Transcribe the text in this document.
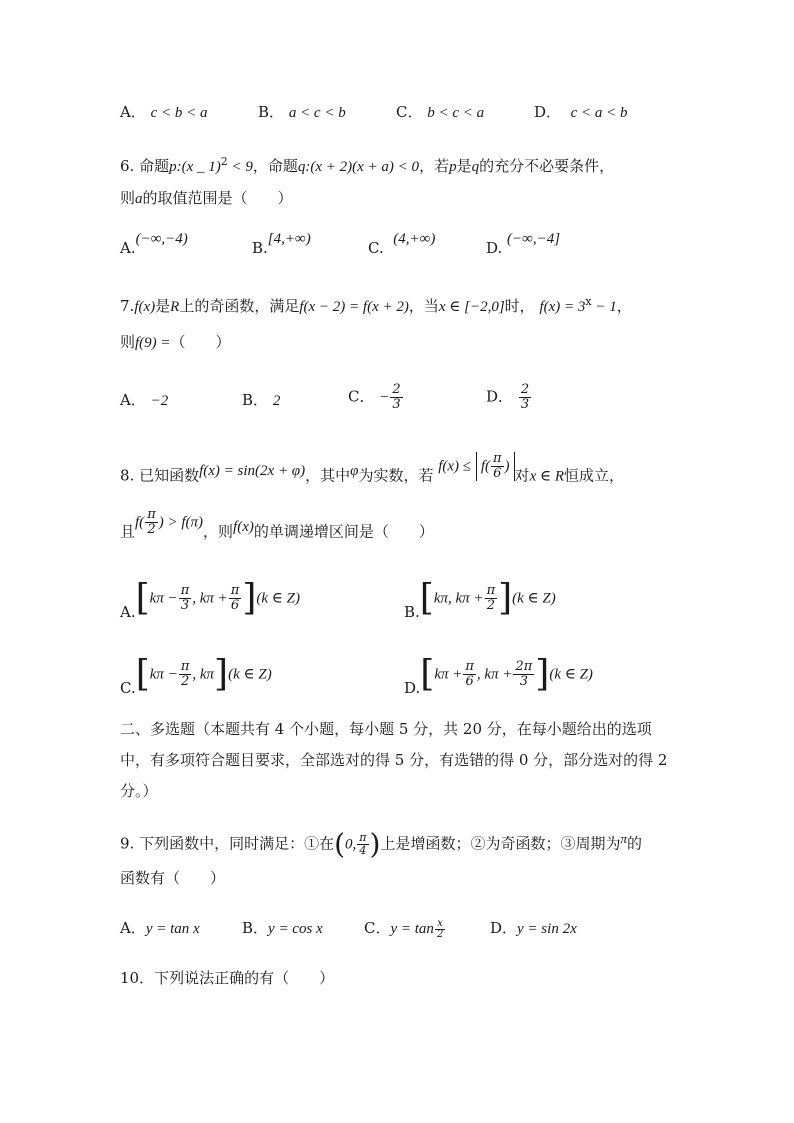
A． c < b < a	B． a < c < b	C． b < c < a	D． c < a < b
6. 命题p:(x _ 1)$^2$ < 9，命题q:(x + 2)(x + a) < 0，若p是q的充分不必要条件，
则a的取值范围是（　　）
A.(−∞,−4)	B.[4,+∞)	C. (4,+∞)	D. (−∞,−4]
7.f(x)是R上的奇函数，满足f(x − 2) = f(x + 2)，当x ∈ [−2,0]时， $f(x) = 3^x - 1$，
则f(9) =（　　）
A． −2	B． 2	C． − $\frac{2}{3}$	D． $\frac{2}{3}$
8. 已知函数f(x) = sin(2x + φ)，其中φ为实数，若 $f(x) \le f( \frac{\pi}{6}$ ) 对x ∈ R恒成立，
且$f( \frac{\pi}{2}$ ) > f(π)，则f(x)的单调递增区间是（　　）
$A.[k\pi - \frac{\pi}{3}$ , $k\pi + \frac{\pi}{6} ](k$ ∈ Z)
B.[kπ, $k\pi + \frac{\pi}{2} ](k$ ∈ Z)
$C.[k\pi - \frac{\pi}{2}$ , kπ](k ∈ Z)
$D.[k\pi + \frac{\pi}{6}$ , $k\pi + \frac{2\pi}{3} ](k$ ∈ Z)
二、多选题（本题共有 4 个小题，每小题 5 分，共 20 分，在每小题给出的选项中，有多项符合题目要求，全部选对的得 5 分，有选错的得 0 分，部分选对的得 2 分。）
9. 下列函数中，同时满足：①在(0, $\frac{\pi}{4}$ )上是增函数；②为奇函数；③周期为π的
函数有（　　）
A．y = tan x	B．y = cos x	C．$y = \tan \frac{x}{2}$	D．y = sin 2x
10．下列说法正确的有（　　）
